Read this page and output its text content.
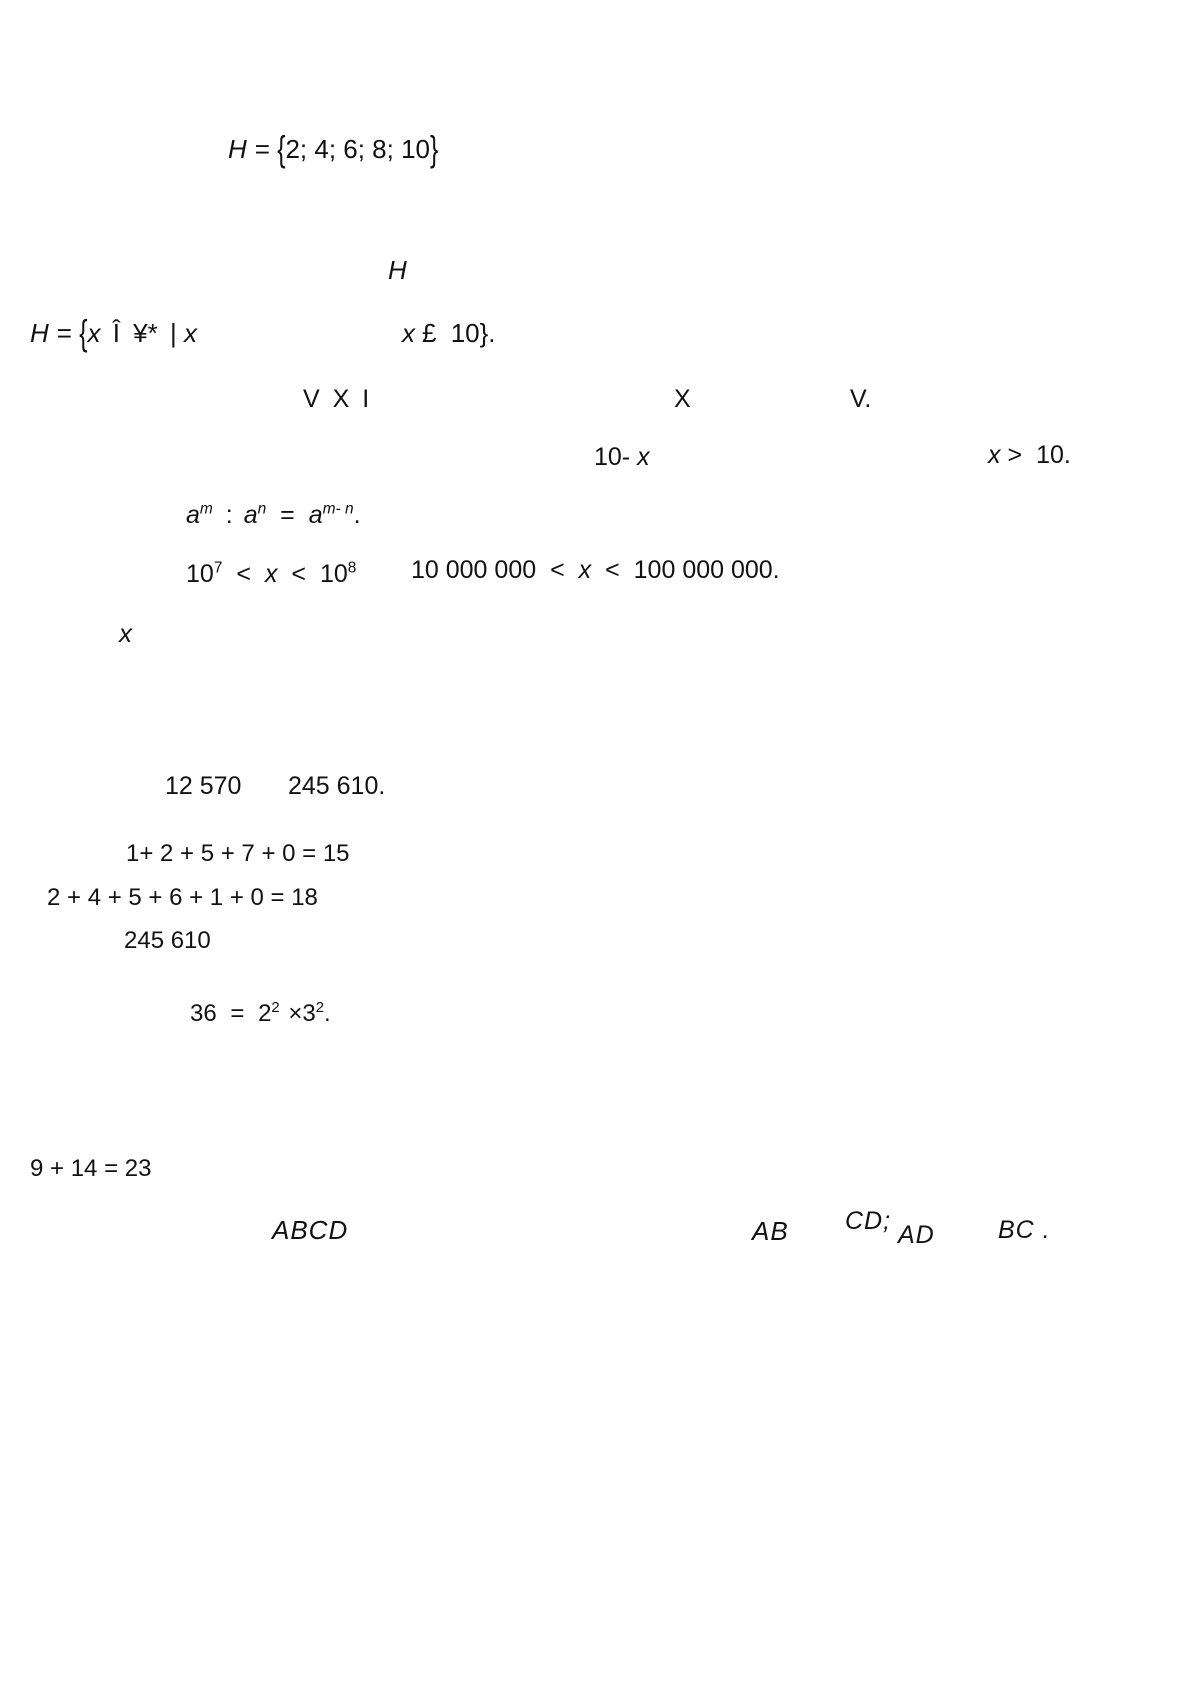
H = {2; 4; 6; 8; 10}
H
H = {x Î ¥* | x	x £ 10}.
V X I	X	V.
10- x	x > 10.
$a^m$ : $a^n = a^{m- n}$.
$10^7 < x < 10^8$ 10 000 000 < x < 100 000 000.
x
12 570 245 610.
1+ 2 + 5 + 7 + 0 = 15
2 + 4 + 5 + 6 + 1 + 0 = 18
245 610
$36 = 2^2 \times 3^2$.
9 + 14 = 23
ABCD	AB CD; AD	BC .
